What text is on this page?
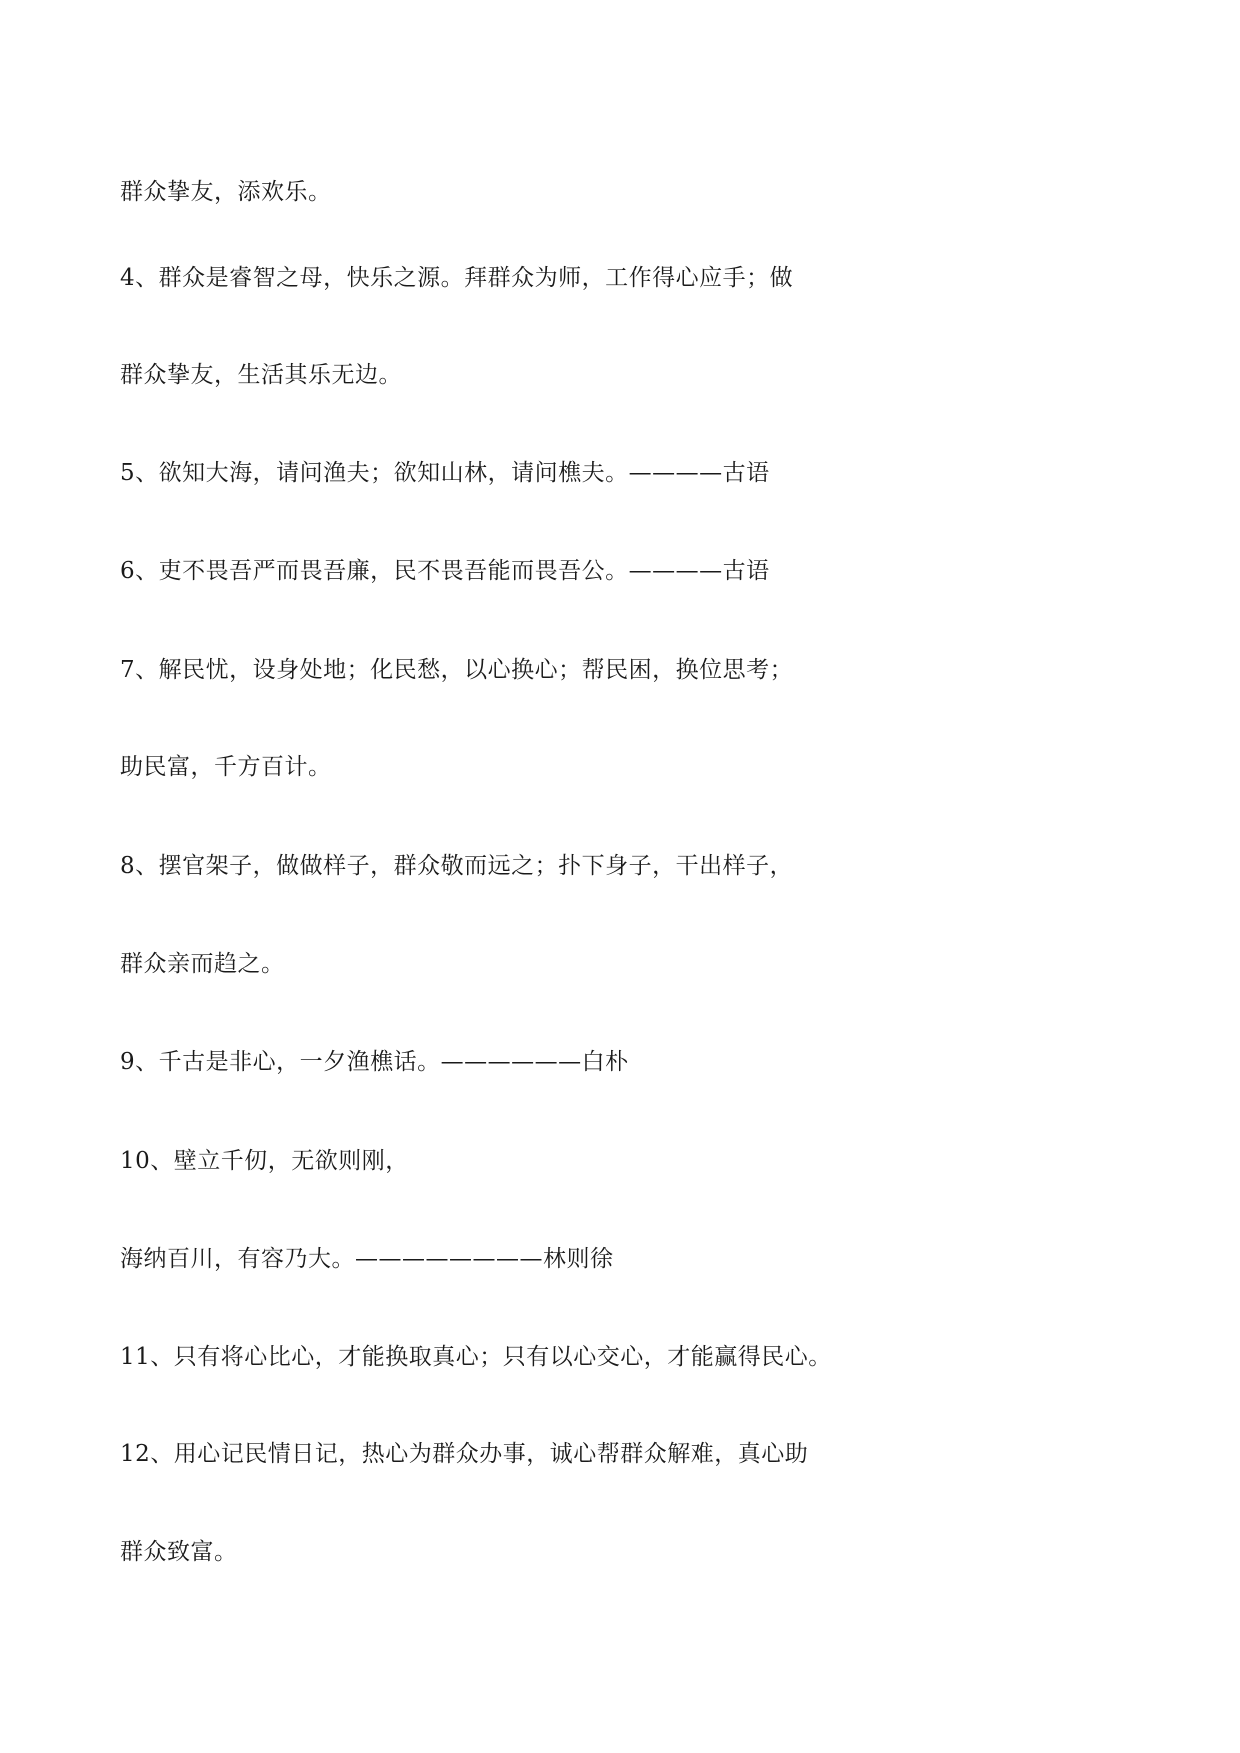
群众挚友，添欢乐。

4、群众是睿智之母，快乐之源。拜群众为师，工作得心应手；做

群众挚友，生活其乐无边。

5、欲知大海，请问渔夫；欲知山林，请问樵夫。————古语

6、吏不畏吾严而畏吾廉，民不畏吾能而畏吾公。————古语

7、解民忧，设身处地；化民愁，以心换心；帮民困，换位思考；

助民富，千方百计。

8、摆官架子，做做样子，群众敬而远之；扑下身子，干出样子，

群众亲而趋之。

9、千古是非心，一夕渔樵话。——————白朴

10、壁立千仞，无欲则刚，

海纳百川，有容乃大。————————林则徐

11、只有将心比心，才能换取真心；只有以心交心，才能赢得民心。

12、用心记民情日记，热心为群众办事，诚心帮群众解难，真心助

群众致富。
